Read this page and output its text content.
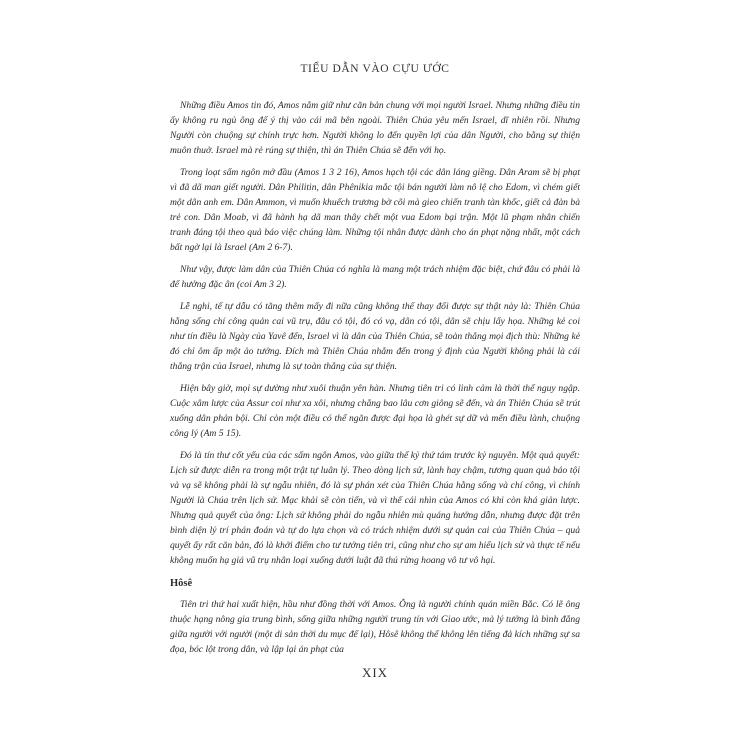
TIỂU DẪN VÀO CỰU ƯỚC

Những điều Amos tin đó, Amos nắm giữ như căn bản chung với mọi người Israel. Nhưng những điều tin ấy không ru ngủ ông để ý thị vào cái mã bên ngoài. Thiên Chúa yêu mến Israel, dĩ nhiên rồi. Nhưng Người còn chuộng sự chính trực hơn. Người không lo đến quyền lợi của dân Người, cho bằng sự thiện muôn thuở. Israel mà rẻ rúng sự thiện, thì án Thiên Chúa sẽ đến với họ.

Trong loạt sấm ngôn mở đầu (Amos 1 3 2 16), Amos hạch tội các dân láng giềng. Dân Aram sẽ bị phạt vì đã dã man giết người. Dân Philitin, dân Phênikia mắc tội bán người làm nô lệ cho Edom, vì chém giết một dân anh em. Dân Ammon, vì muốn khuếch trương bờ cõi mà gieo chiến tranh tàn khốc, giết cả đàn bà trẻ con. Dân Moab, vì đã hành hạ dã man thây chết một vua Edom bại trận. Một lũ phạm nhân chiến tranh đáng tội theo quả báo việc chúng làm. Những tội nhân được dành cho án phạt nặng nhất, một cách bất ngờ lại là Israel (Am 2 6-7).

Như vậy, được làm dân của Thiên Chúa có nghĩa là mang một trách nhiệm đặc biệt, chứ đâu có phải là để hưởng đặc ân (coi Am 3 2).

Lễ nghi, tế tự dẫu có tăng thêm mấy đi nữa cũng không thể thay đổi được sự thật này là: Thiên Chúa hằng sống chí công quản cai vũ trụ, đâu có tội, đó có vạ, dân có tội, dân sẽ chịu lấy họa. Những kẻ coi như tín điều là Ngày của Yavê đến, Israel vì là dân của Thiên Chúa, sẽ toàn thắng mọi địch thù: Những kẻ đó chỉ ôm ấp một ảo tưởng. Đích mà Thiên Chúa nhắm đến trong ý định của Người không phải là cái thắng trận của Israel, nhưng là sự toàn thắng của sự thiện.

Hiện bây giờ, mọi sự dường như xuôi thuận yên hàn. Nhưng tiên tri có linh cảm là thời thế nguy ngập. Cuộc xâm lược của Assur coi như xa xôi, nhưng chẳng bao lâu cơn giông sẽ đến, và án Thiên Chúa sẽ trút xuống dân phản bội. Chỉ còn một điều có thể ngăn được đại họa là ghét sự dữ và mến điều lành, chuộng công lý (Am 5 15).

Đó là tín thư cốt yếu của các sấm ngôn Amos, vào giữa thế kỷ thứ tám trước kỷ nguyên. Một quả quyết: Lịch sử được diễn ra trong một trật tự luân lý. Theo dòng lịch sử, lành hay chậm, tương quan quả báo tội và vạ sẽ không phải là sự ngẫu nhiên, đó là sự phán xét của Thiên Chúa hằng sống và chí công, vì chính Người là Chúa trên lịch sử. Mạc khải sẽ còn tiến, và vì thế cái nhìn của Amos có khi còn khá giản lược. Nhưng quả quyết của ông: Lịch sử không phải do ngẫu nhiên mù quáng hướng dẫn, nhưng được đặt trên bình diện lý trí phán đoán và tự do lựa chọn và có trách nhiệm dưới sự quản cai của Thiên Chúa – quả quyết ấy rất căn bản, đó là khởi điểm cho tư tưởng tiên tri, cũng như cho sự am hiểu lịch sử và thực tế nếu không muốn hạ giá vũ trụ nhân loại xuống dưới luật đã thú rừng hoang vô tư vô hại.

Hôsê

Tiên tri thứ hai xuất hiện, hầu như đồng thời với Amos. Ông là người chính quán miền Bắc. Có lẽ ông thuộc hạng nông gia trung bình, sống giữa những người trung tín với Giao ước, mà lý tưởng là bình đẳng giữa người với người (một di sản thời du mục để lại), Hôsê không thể không lên tiếng đả kích những sự sa đọa, bóc lột trong dân, và lập lại án phạt của

XIX
